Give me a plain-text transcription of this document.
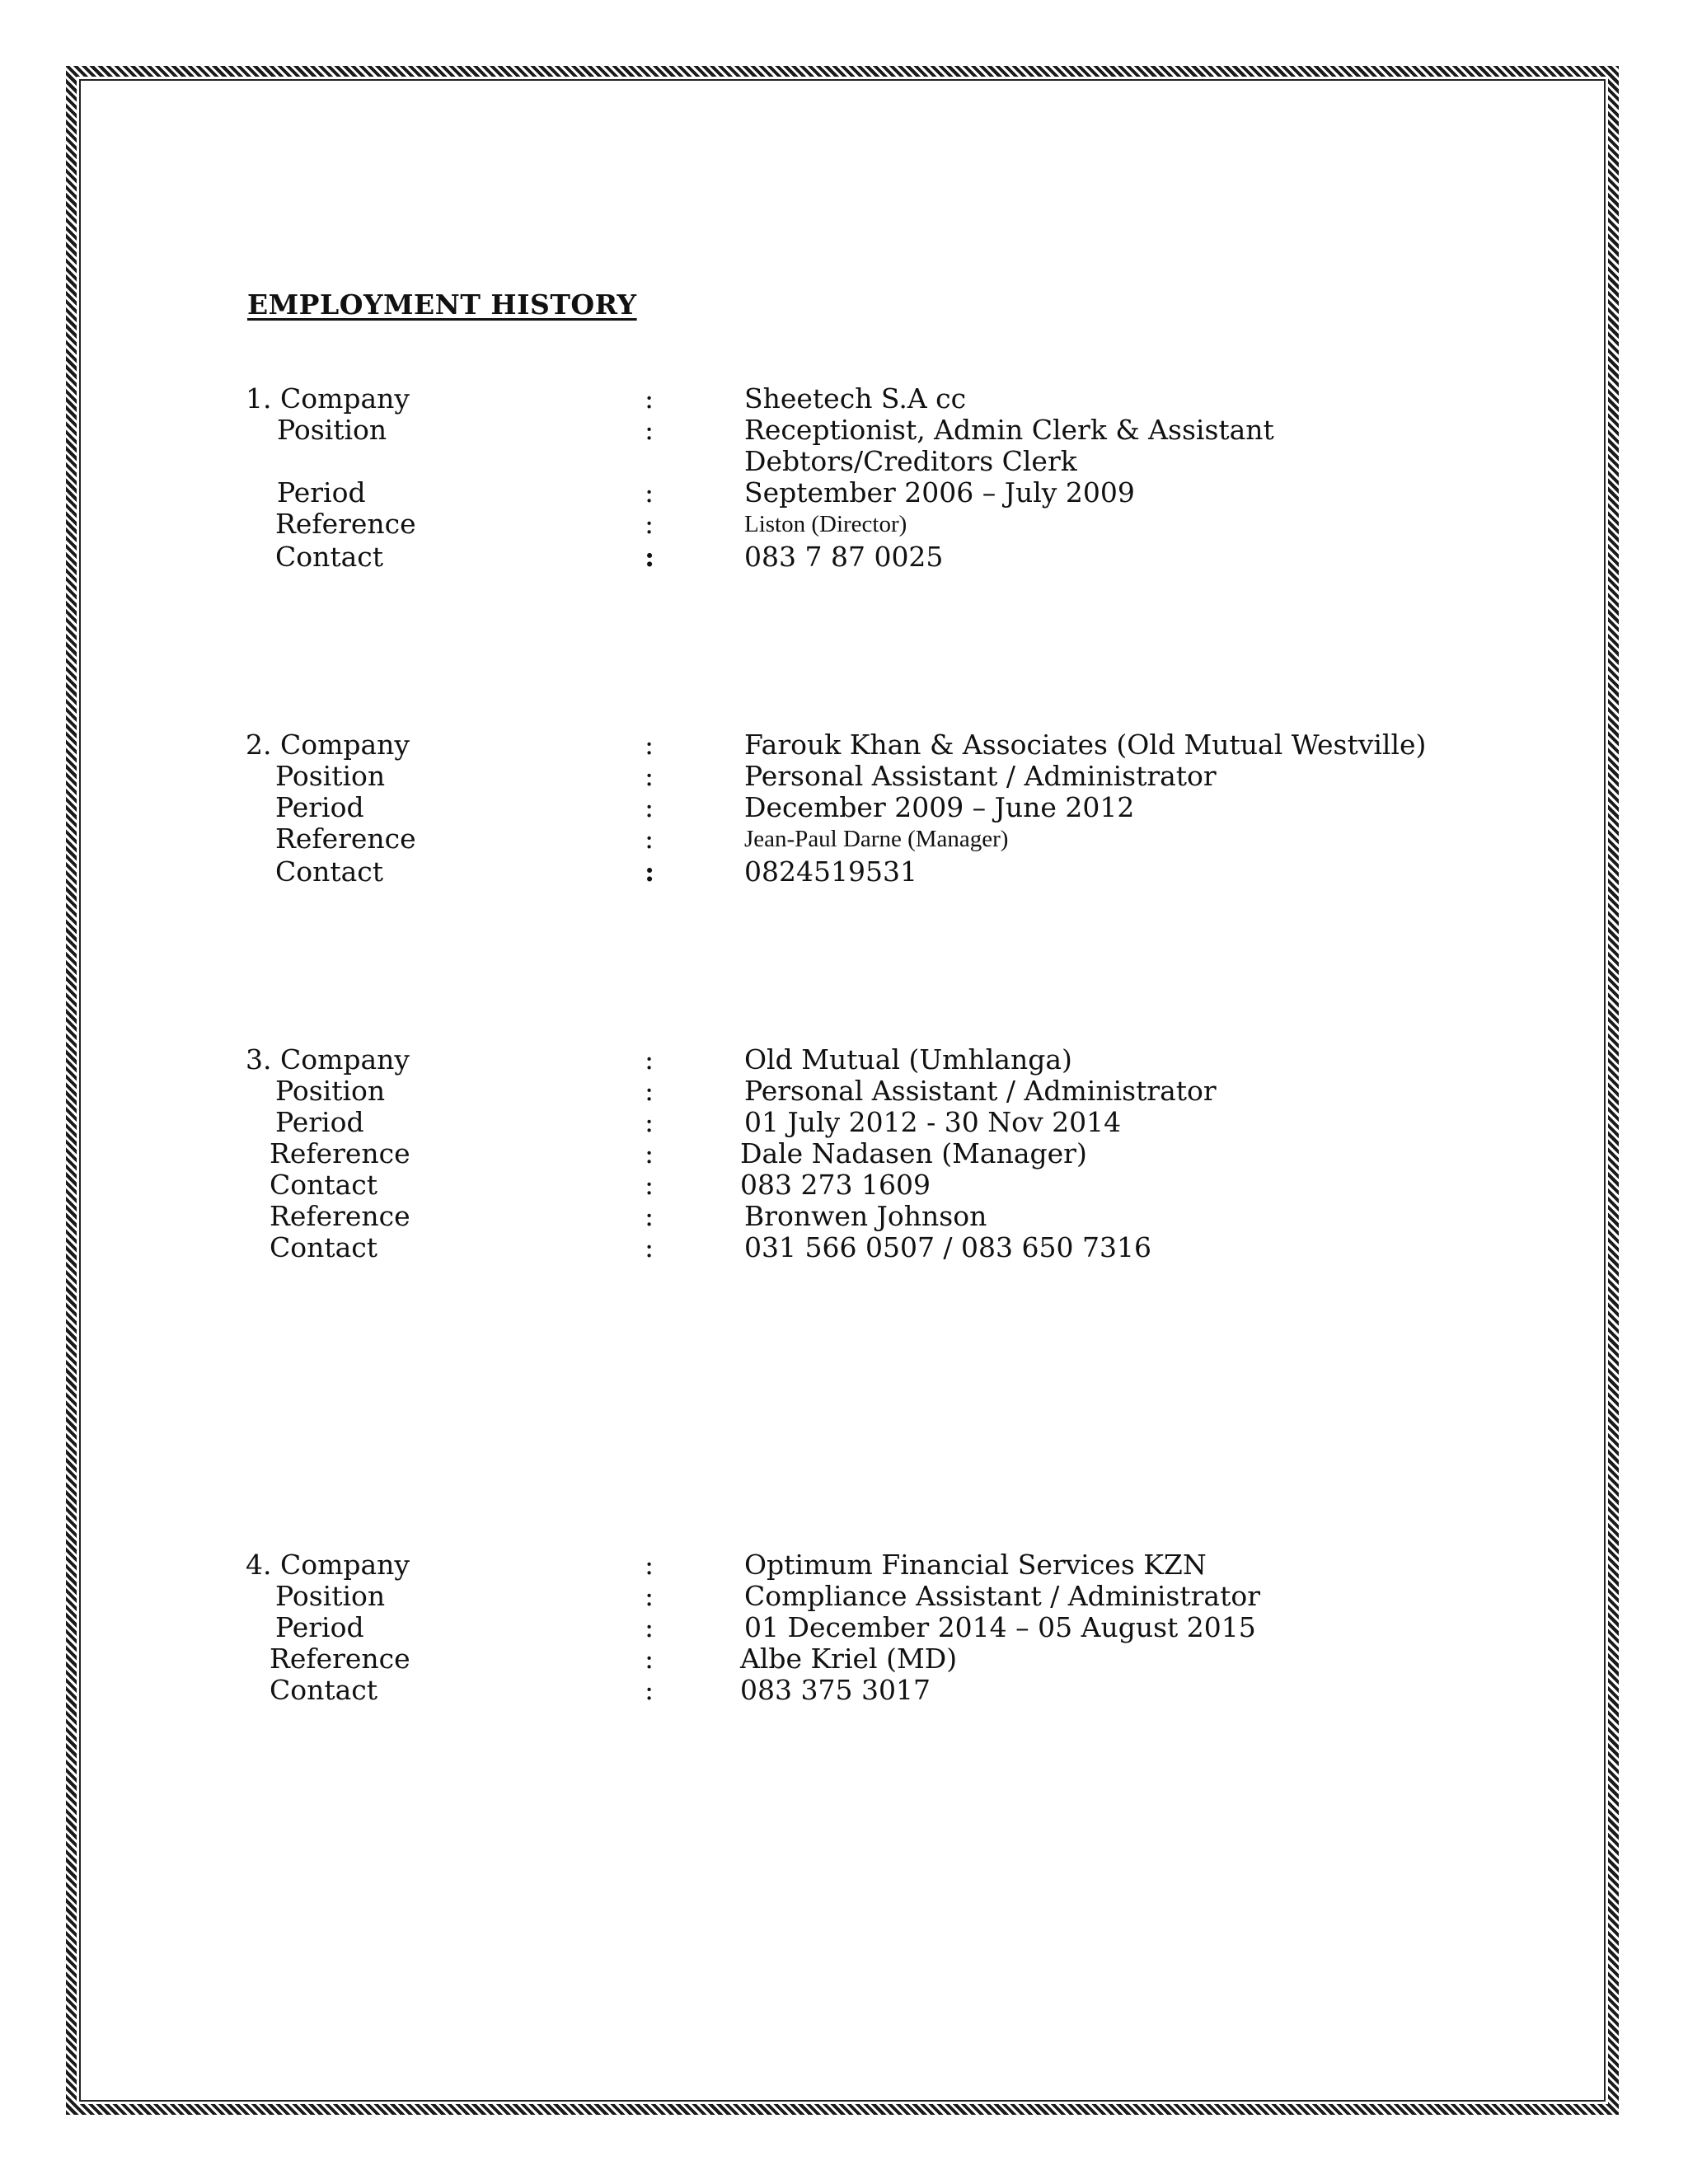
EMPLOYMENT HISTORY
1. Company	:	Sheetech S.A cc
Position	:	Receptionist, Admin Clerk & Assistant
Debtors/Creditors Clerk
Period	:	September 2006 – July 2009
Reference	:	Liston (Director)
Contact	:	083 7 87 0025
2. Company	:	Farouk Khan & Associates (Old Mutual Westville)
Position	:	Personal Assistant / Administrator
Period	:	December 2009 – June 2012
Reference	:	Jean-Paul Darne (Manager)
Contact	:	0824519531
3. Company	:	Old Mutual (Umhlanga)
Position	:	Personal Assistant / Administrator
Period	:	01 July 2012 - 30 Nov 2014
Reference	:	Dale Nadasen (Manager)
Contact	:	083 273 1609
Reference	:	Bronwen Johnson
Contact	:	031 566 0507 / 083 650 7316
4. Company	:	Optimum Financial Services KZN
Position	:	Compliance Assistant / Administrator
Period	:	01 December 2014 – 05 August 2015
Reference	:	Albe Kriel (MD)
Contact	:	083 375 3017
